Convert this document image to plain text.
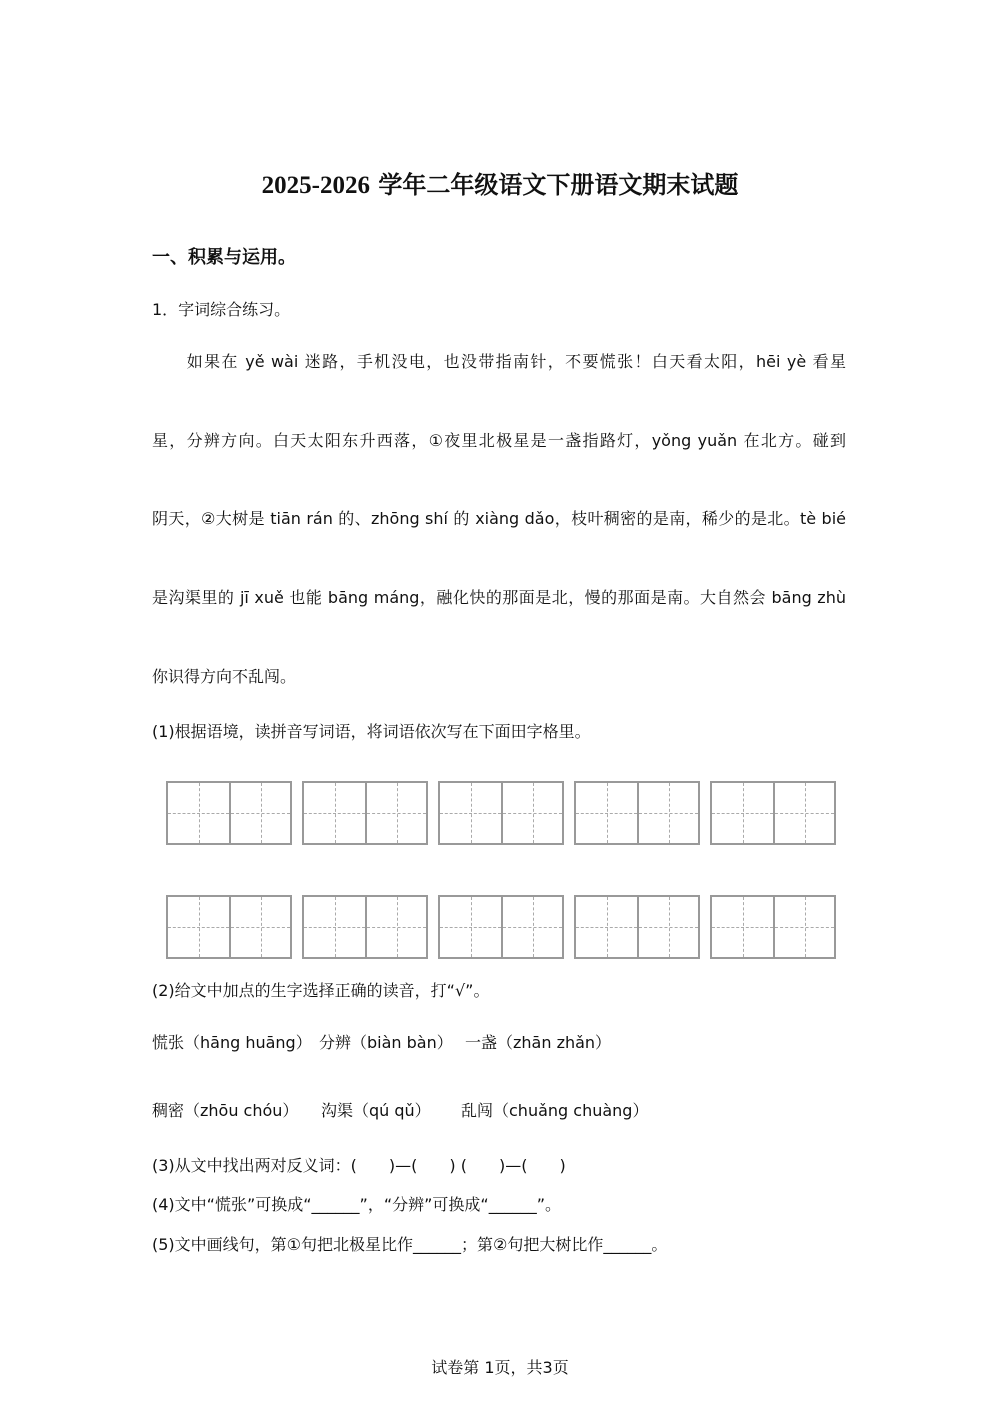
2025-2026 学年二年级语文下册语文期末试题
一、积累与运用。
1．字词综合练习。
　　如果在 yě wài 迷路，手机没电，也没带指南针，不要慌张！白天看太阳，hēi yè 看星
星，分辨方向。白天太阳东升西落，①夜里北极星是一盏指路灯，yǒng yuǎn 在北方。碰到
阴天，②大树是 tiān rán 的、zhōng shí 的 xiàng dǎo，枝叶稠密的是南，稀少的是北。tè bié
是沟渠里的 jī xuě 也能 bāng máng，融化快的那面是北，慢的那面是南。大自然会 bāng zhù
你识得方向不乱闯。
(1)根据语境，读拼音写词语，将词语依次写在下面田字格里。
(2)给文中加点的生字选择正确的读音，打“√”。
慌张（hāng huāng） 分辨（biàn bàn） 一盏（zhān zhǎn）
稠密（zhōu chóu） 沟渠（qú qǔ） 乱闯（chuǎng chuàng）
(3)从文中找出两对反义词：(　　)—(　　) (　　)—(　　)
(4)文中“慌张”可换成“______”，“分辨”可换成“______”。
(5)文中画线句，第①句把北极星比作______；第②句把大树比作______。
试卷第 1页，共3页
